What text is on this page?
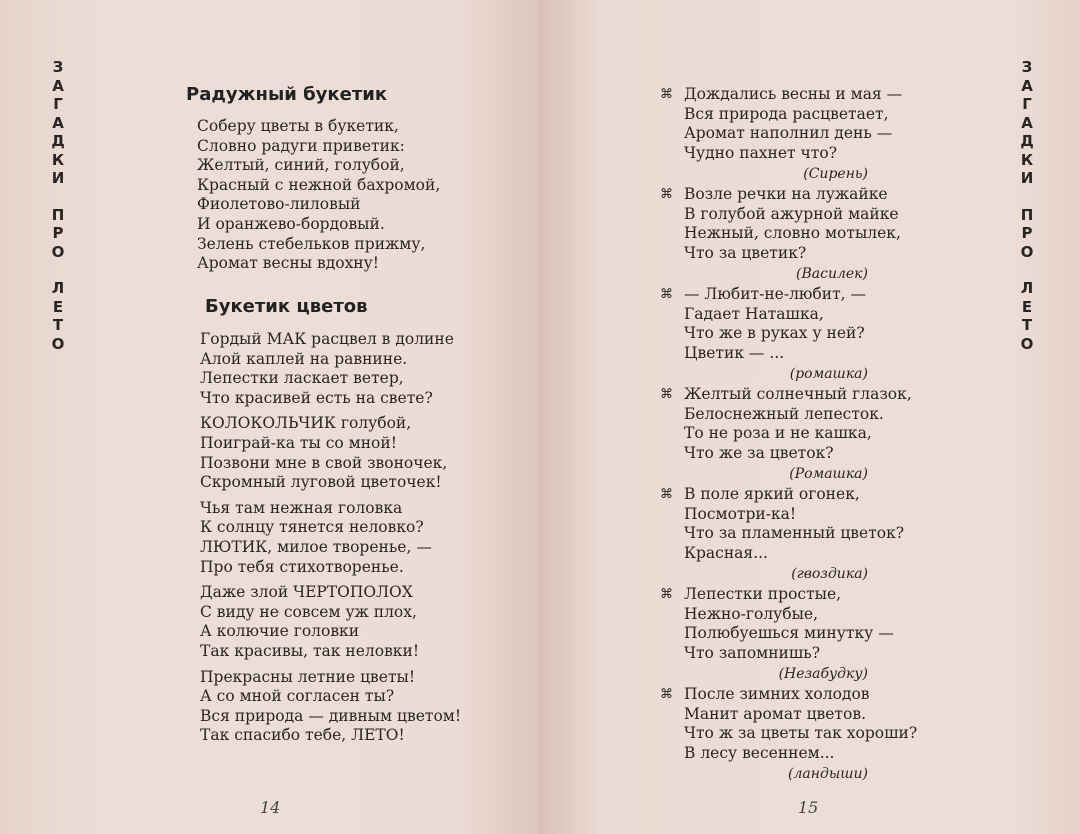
З
А
Г
А
Д
К
И
П
Р
О
Л
Е
Т
О
Радужный букетик
Соберу цветы в букетик,
Словно радуги приветик:
Желтый, синий, голубой,
Красный с нежной бахромой,
Фиолетово-лиловый
И оранжево-бордовый.
Зелень стебельков прижму,
Аромат весны вдохну!
Букетик цветов
Гордый МАК расцвел в долине
Алой каплей на равнине.
Лепестки ласкает ветер,
Что красивей есть на свете?
КОЛОКОЛЬЧИК голубой,
Поиграй-ка ты со мной!
Позвони мне в свой звоночек,
Скромный луговой цветочек!
Чья там нежная головка
К солнцу тянется неловко?
ЛЮТИК, милое творенье, —
Про тебя стихотворенье.
Даже злой ЧЕРТОПОЛОХ
С виду не совсем уж плох,
А колючие головки
Так красивы, так неловки!
Прекрасны летние цветы!
А со мной согласен ты?
Вся природа — дивным цветом!
Так спасибо тебе, ЛЕТО!
14
З
А
Г
А
Д
К
И
П
Р
О
Л
Е
Т
О
15
⌘ Дождались весны и мая —
Вся природа расцветает,
Аромат наполнил день —
Чудно пахнет что?
(Сирень)
⌘ Возле речки на лужайке
В голубой ажурной майке
Нежный, словно мотылек,
Что за цветик?
(Василек)
⌘ — Любит-не-любит, —
Гадает Наташка,
Что же в руках у ней?
Цветик — ...
(ромашка)
⌘ Желтый солнечный глазок,
Белоснежный лепесток.
То не роза и не кашка,
Что же за цветок?
(Ромашка)
⌘ В поле яркий огонек,
Посмотри-ка!
Что за пламенный цветок?
Красная...
(гвоздика)
⌘ Лепестки простые,
Нежно-голубые,
Полюбуешься минутку —
Что запомнишь?
(Незабудку)
⌘ После зимних холодов
Манит аромат цветов.
Что ж за цветы так хороши?
В лесу весеннем...
(ландыши)
